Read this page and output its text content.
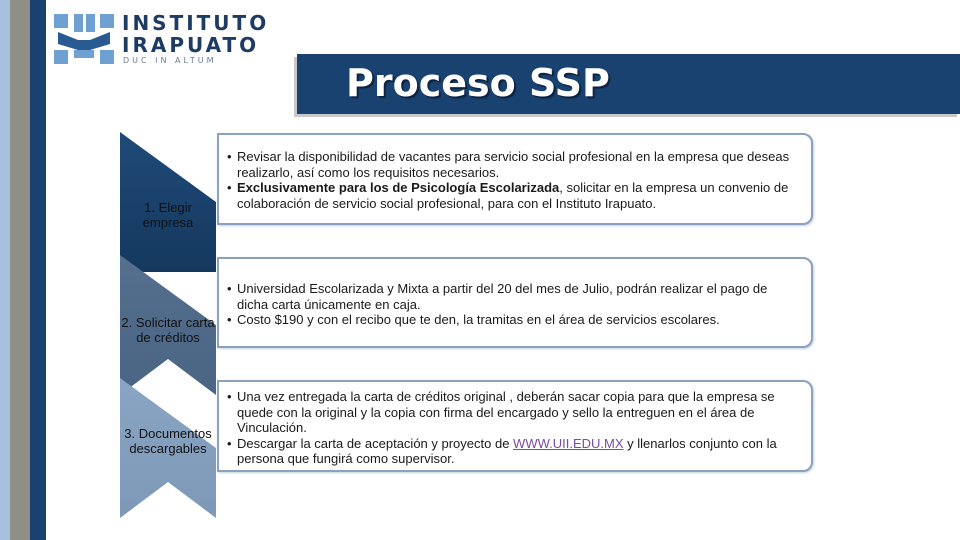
INSTITUTO
IRAPUATO
DUC IN ALTUM
Proceso SSP
1. Elegir empresa
• Revisar la disponibilidad de vacantes para servicio social profesional en la empresa que deseas realizarlo, así como los requisitos necesarios.
• Exclusivamente para los de Psicología Escolarizada, solicitar en la empresa un convenio de colaboración de servicio social profesional, para con el Instituto Irapuato.
2. Solicitar carta de créditos
• Universidad Escolarizada y Mixta a partir del 20 del mes de Julio, podrán realizar el pago de dicha carta únicamente en caja.
• Costo $190 y con el recibo que te den, la tramitas en el área de servicios escolares.
3. Documentos descargables
• Una vez entregada la carta de créditos original , deberán sacar copia para que la empresa se quede con la original y la copia con firma del encargado y sello la entreguen en el área de Vinculación.
• Descargar la carta de aceptación y proyecto de WWW.UII.EDU.MX y llenarlos conjunto con la persona que fungirá como supervisor.
